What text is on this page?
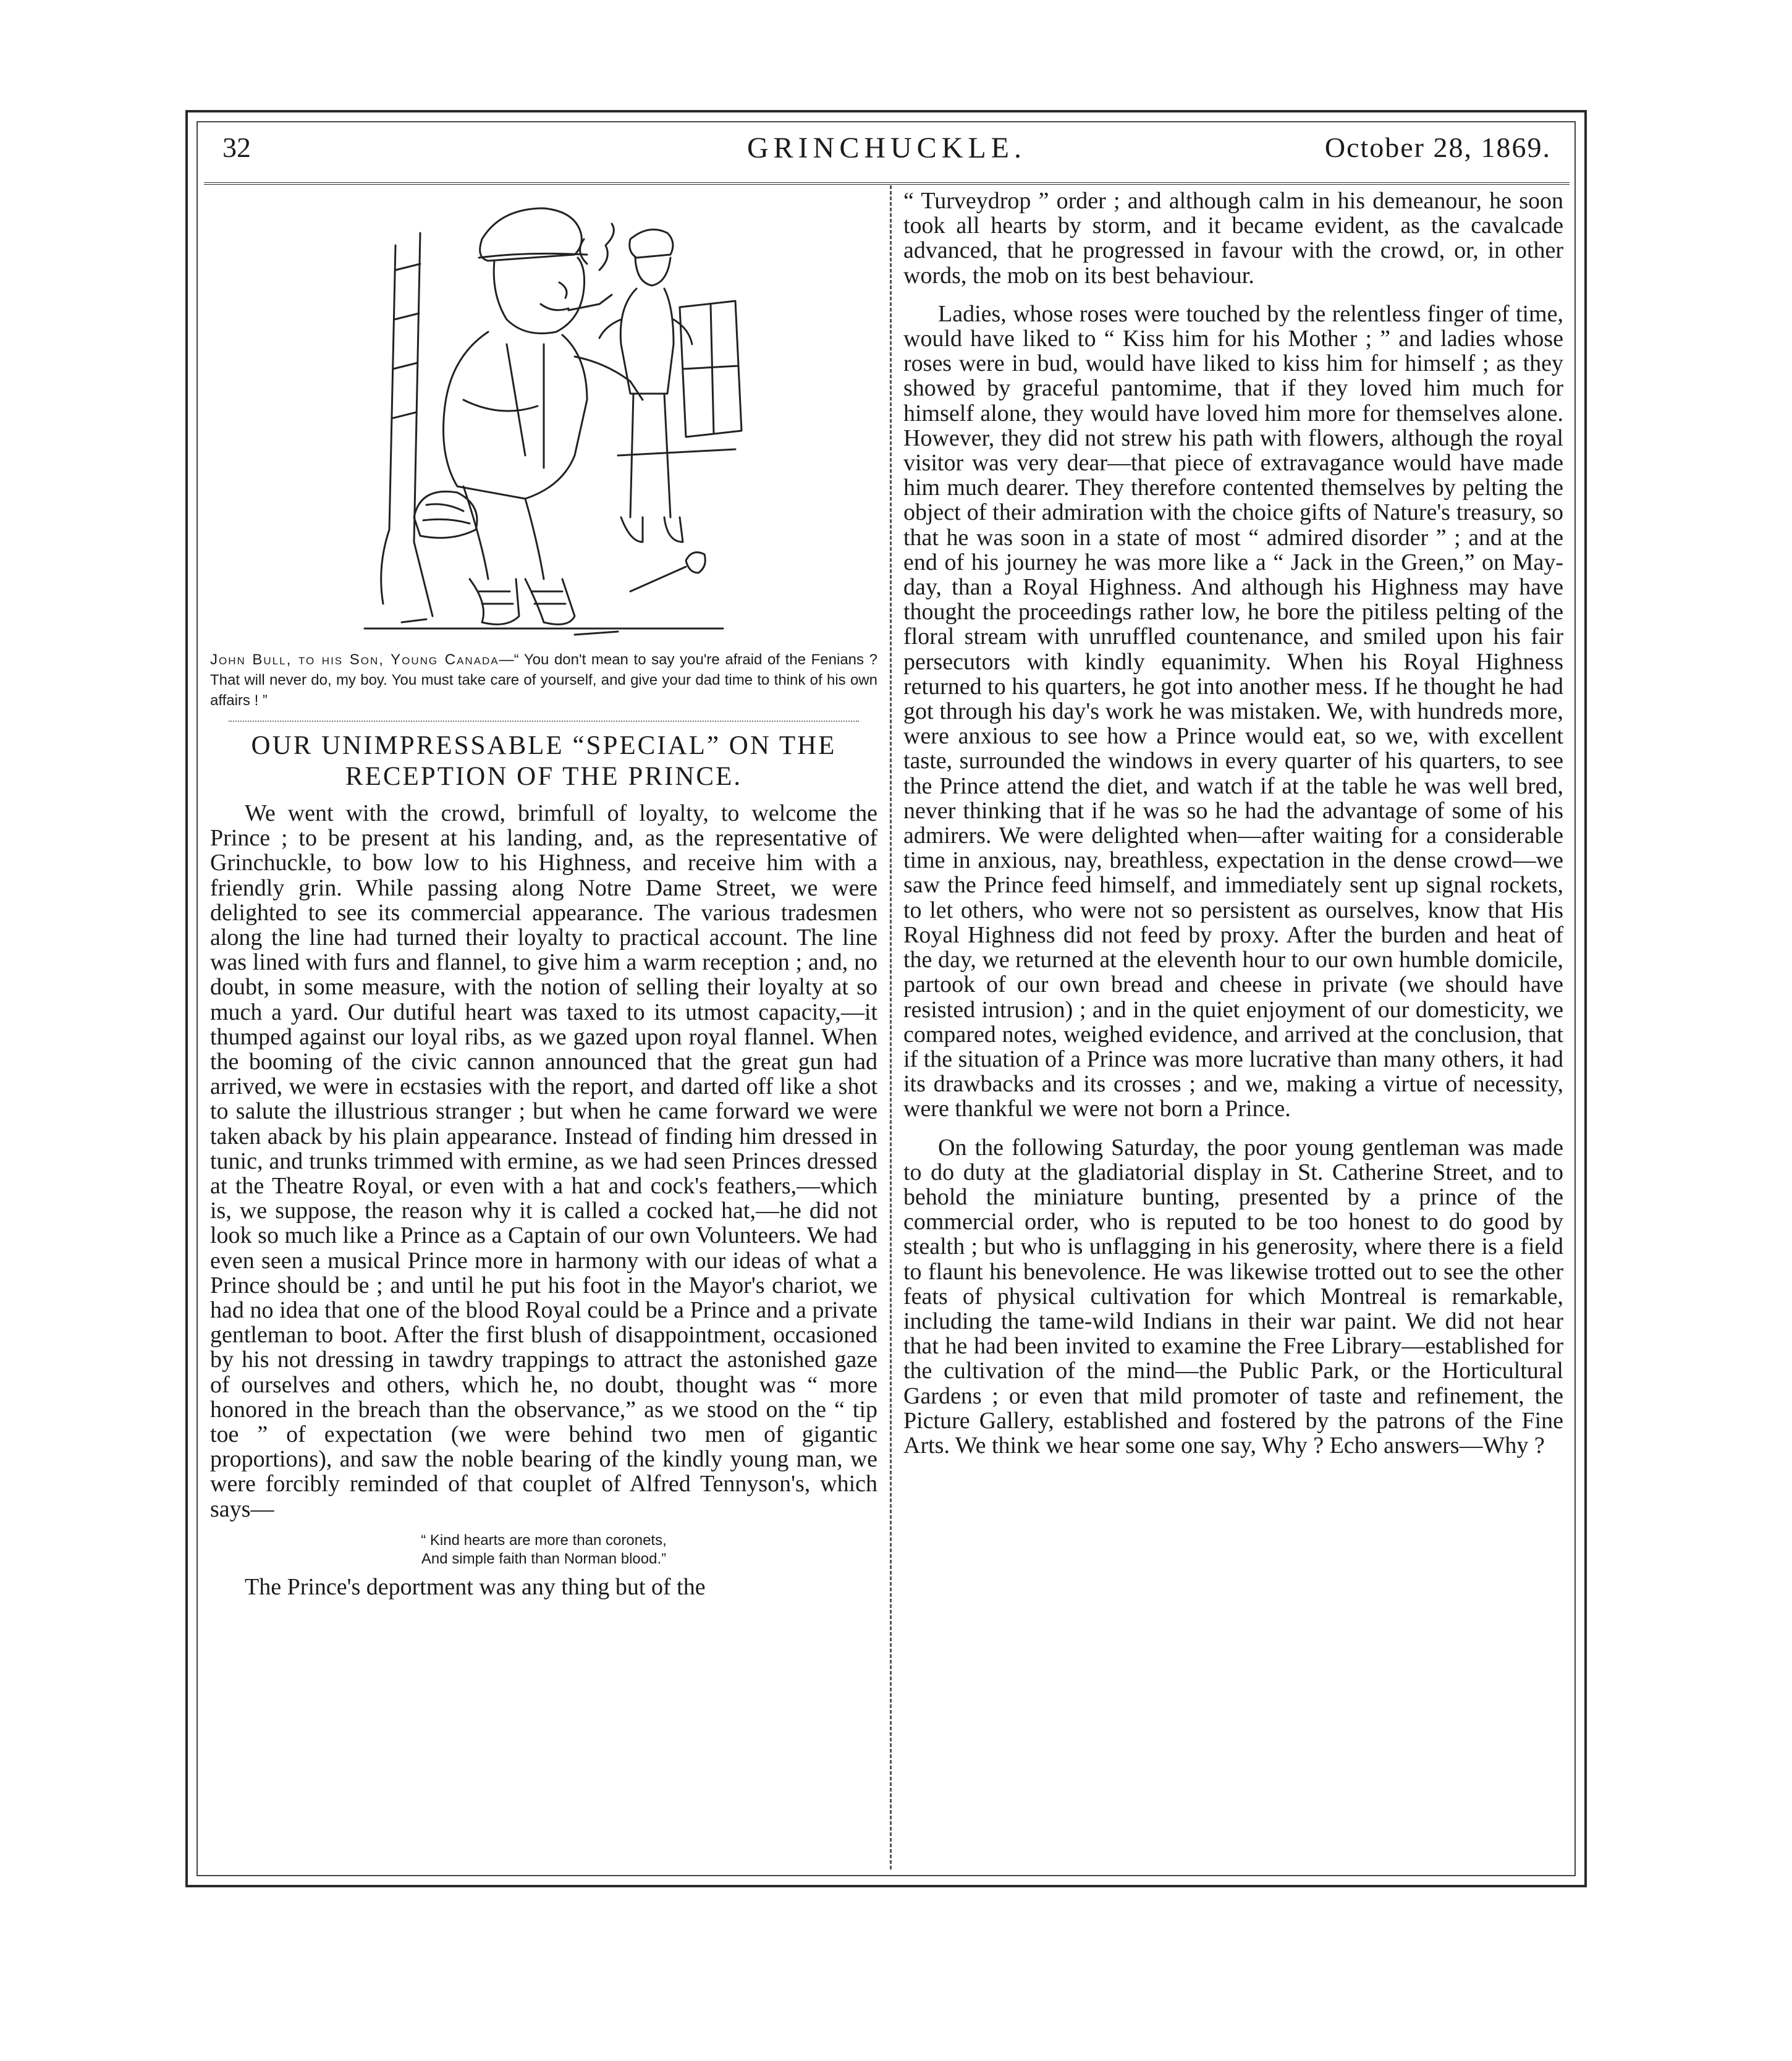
32	GRINCHUCKLE.	October 28, 1869.
John Bull, to his Son, Young Canada—“ You don't mean to say you're afraid of the Fenians ? That will never do, my boy. You must take care of yourself, and give your dad time to think of his own affairs ! ”
OUR UNIMPRESSABLE “SPECIAL” ON THE RECEPTION OF THE PRINCE.

We went with the crowd, brimfull of loyalty, to welcome the Prince ; to be present at his landing, and, as the representative of Grinchuckle, to bow low to his Highness, and receive him with a friendly grin. While passing along Notre Dame Street, we were delighted to see its commercial appearance. The various tradesmen along the line had turned their loyalty to practical account. The line was lined with furs and flannel, to give him a warm reception ; and, no doubt, in some measure, with the notion of selling their loyalty at so much a yard. Our dutiful heart was taxed to its utmost capacity,—it thumped against our loyal ribs, as we gazed upon royal flannel. When the booming of the civic cannon announced that the great gun had arrived, we were in ecstasies with the report, and darted off like a shot to salute the illustrious stranger ; but when he came forward we were taken aback by his plain appearance. Instead of finding him dressed in tunic, and trunks trimmed with ermine, as we had seen Princes dressed at the Theatre Royal, or even with a hat and cock's feathers,—which is, we suppose, the reason why it is called a cocked hat,—he did not look so much like a Prince as a Captain of our own Volunteers. We had even seen a musical Prince more in harmony with our ideas of what a Prince should be ; and until he put his foot in the Mayor's chariot, we had no idea that one of the blood Royal could be a Prince and a private gentleman to boot. After the first blush of disappointment, occasioned by his not dressing in tawdry trappings to attract the astonished gaze of ourselves and others, which he, no doubt, thought was “ more honored in the breach than the observance,” as we stood on the “ tip toe ” of expectation (we were behind two men of gigantic proportions), and saw the noble bearing of the kindly young man, we were forcibly reminded of that couplet of Alfred Tennyson's, which says—

“ Kind hearts are more than coronets,
And simple faith than Norman blood.”

The Prince's deportment was any thing but of the

“ Turveydrop ” order ; and although calm in his demeanour, he soon took all hearts by storm, and it became evident, as the cavalcade advanced, that he progressed in favour with the crowd, or, in other words, the mob on its best behaviour.

Ladies, whose roses were touched by the relentless finger of time, would have liked to “ Kiss him for his Mother ; ” and ladies whose roses were in bud, would have liked to kiss him for himself ; as they showed by graceful pantomime, that if they loved him much for himself alone, they would have loved him more for themselves alone. However, they did not strew his path with flowers, although the royal visitor was very dear—that piece of extravagance would have made him much dearer. They therefore contented themselves by pelting the object of their admiration with the choice gifts of Nature's treasury, so that he was soon in a state of most “ admired disorder ” ; and at the end of his journey he was more like a “ Jack in the Green,” on May-day, than a Royal Highness. And although his Highness may have thought the proceedings rather low, he bore the pitiless pelting of the floral stream with unruffled countenance, and smiled upon his fair persecutors with kindly equanimity. When his Royal Highness returned to his quarters, he got into another mess. If he thought he had got through his day's work he was mistaken. We, with hundreds more, were anxious to see how a Prince would eat, so we, with excellent taste, surrounded the windows in every quarter of his quarters, to see the Prince attend the diet, and watch if at the table he was well bred, never thinking that if he was so he had the advantage of some of his admirers. We were delighted when—after waiting for a considerable time in anxious, nay, breathless, expectation in the dense crowd—we saw the Prince feed himself, and immediately sent up signal rockets, to let others, who were not so persistent as ourselves, know that His Royal Highness did not feed by proxy. After the burden and heat of the day, we returned at the eleventh hour to our own humble domicile, partook of our own bread and cheese in private (we should have resisted intrusion) ; and in the quiet enjoyment of our domesticity, we compared notes, weighed evidence, and arrived at the conclusion, that if the situation of a Prince was more lucrative than many others, it had its drawbacks and its crosses ; and we, making a virtue of necessity, were thankful we were not born a Prince.

On the following Saturday, the poor young gentleman was made to do duty at the gladiatorial display in St. Catherine Street, and to behold the miniature bunting, presented by a prince of the commercial order, who is reputed to be too honest to do good by stealth ; but who is unflagging in his generosity, where there is a field to flaunt his benevolence. He was likewise trotted out to see the other feats of physical cultivation for which Montreal is remarkable, including the tame-wild Indians in their war paint. We did not hear that he had been invited to examine the Free Library—established for the cultivation of the mind—the Public Park, or the Horticultural Gardens ; or even that mild promoter of taste and refinement, the Picture Gallery, established and fostered by the patrons of the Fine Arts. We think we hear some one say, Why ? Echo answers—Why ?
